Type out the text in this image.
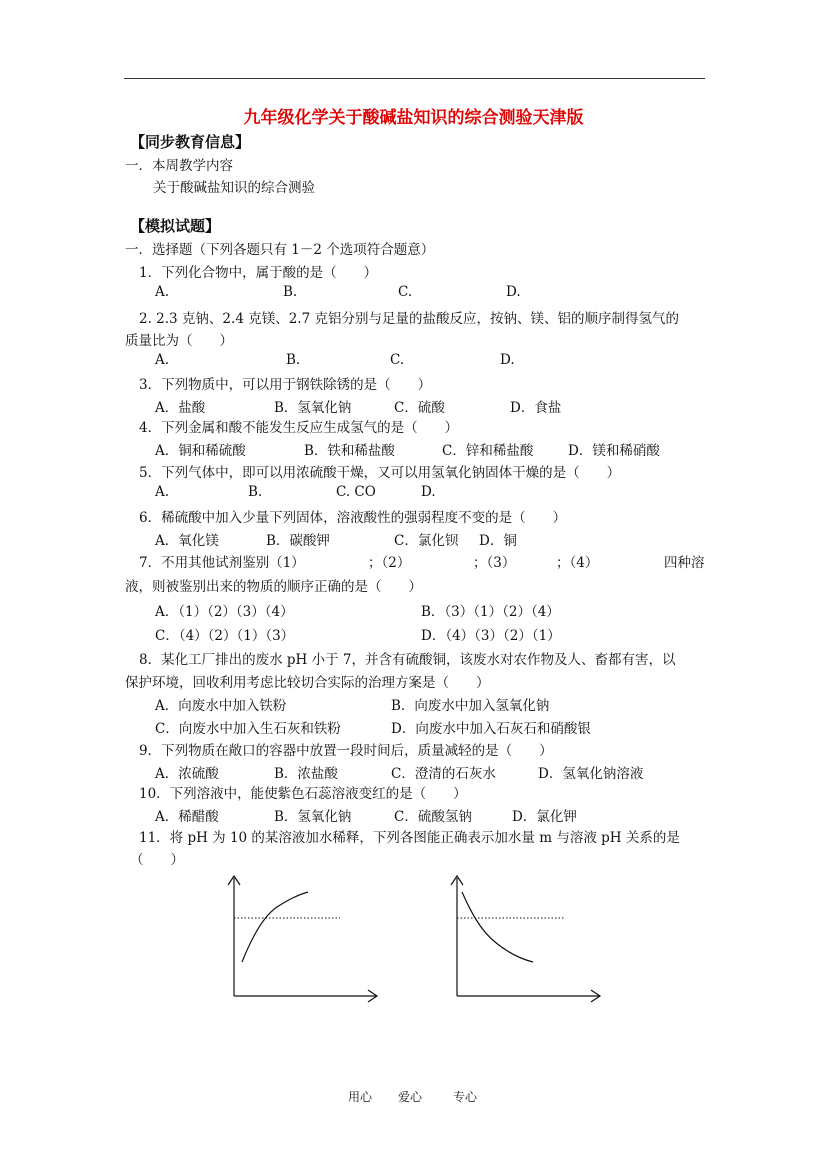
九年级化学关于酸碱盐知识的综合测验天津版
【同步教育信息】
一．本周教学内容
关于酸碱盐知识的综合测验
【模拟试题】
一．选择题（下列各题只有 1－2 个选项符合题意）
1．下列化合物中，属于酸的是（　　）
A.	B.	C.	D.
2. 2.3 克钠、2.4 克镁、2.7 克铝分别与足量的盐酸反应，按钠、镁、铝的顺序制得氢气的
质量比为（　　）
A.	B.	C.	D.
3．下列物质中，可以用于钢铁除锈的是（　　）
A．盐酸	B．氢氧化钠	C．硫酸	D．食盐
4．下列金属和酸不能发生反应生成氢气的是（　　）
A．铜和稀硫酸	B．铁和稀盐酸	C．锌和稀盐酸	D．镁和稀硝酸
5．下列气体中，即可以用浓硫酸干燥，又可以用氢氧化钠固体干燥的是（　　）
A.	B.	C. CO	D.
6．稀硫酸中加入少量下列固体，溶液酸性的强弱程度不变的是（　　）
A．氧化镁	B．碳酸钾	C．氯化钡 D．铜
7．不用其他试剂鉴别（1）	；（2）	；（3）	；（4）	四种溶
液，则被鉴别出来的物质的顺序正确的是（　　）
A．（1）（2）（3）（4）	B．（3）（1）（2）（4）
C．（4）（2）（1）（3）	D．（4）（3）（2）（1）
8．某化工厂排出的废水 pH 小于 7，并含有硫酸铜，该废水对农作物及人、畜都有害，以
保护环境，回收利用考虑比较切合实际的治理方案是（　　）
A．向废水中加入铁粉	B．向废水中加入氢氧化钠
C．向废水中加入生石灰和铁粉	D．向废水中加入石灰石和硝酸银
9．下列物质在敞口的容器中放置一段时间后，质量减轻的是（　　）
A．浓硫酸	B．浓盐酸	C．澄清的石灰水	D．氢氧化钠溶液
10．下列溶液中，能使紫色石蕊溶液变红的是（　　）
A．稀醋酸	B．氢氧化钠	C．硫酸氢钠	D．氯化钾
11．将 pH 为 10 的某溶液加水稀释，下列各图能正确表示加水量 m 与溶液 pH 关系的是
（　　）
用心 爱心	专心
